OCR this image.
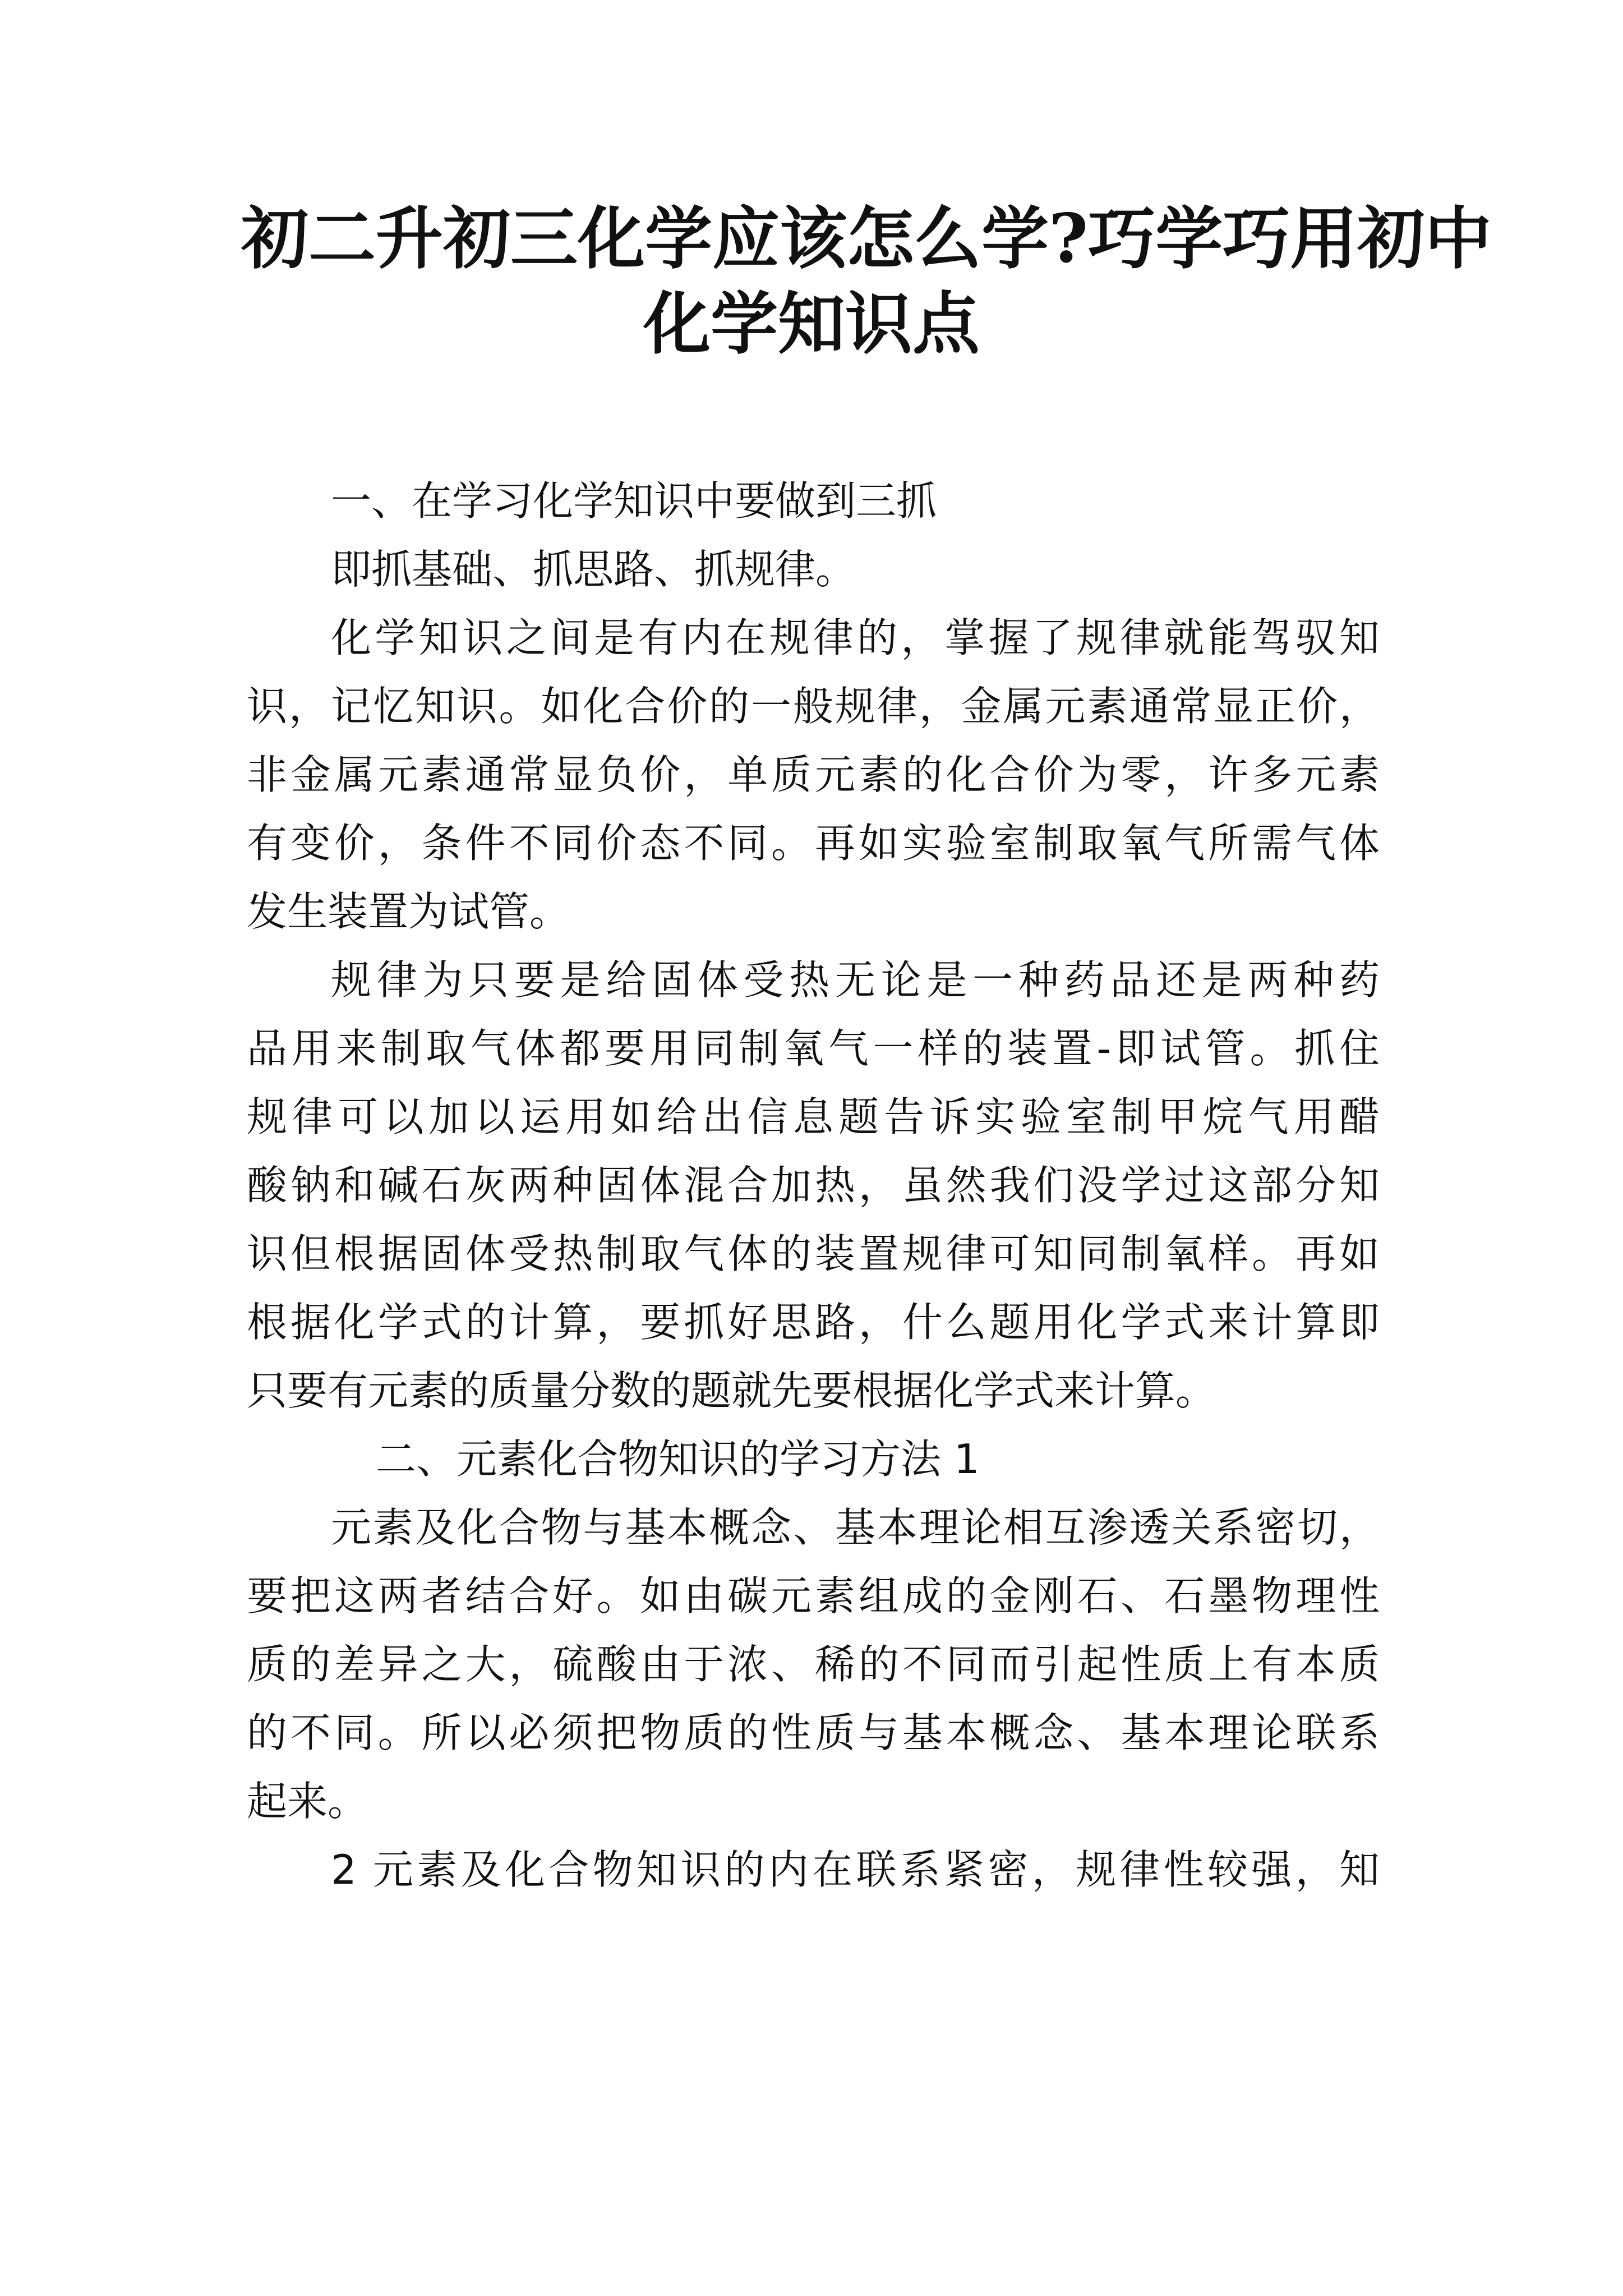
初二升初三化学应该怎么学?巧学巧用初中
化学知识点

一、在学习化学知识中要做到三抓

即抓基础、抓思路、抓规律。

化学知识之间是有内在规律的，掌握了规律就能驾驭知

识，记忆知识。如化合价的一般规律，金属元素通常显正价，

非金属元素通常显负价，单质元素的化合价为零，许多元素

有变价，条件不同价态不同。再如实验室制取氧气所需气体

发生装置为试管。

规律为只要是给固体受热无论是一种药品还是两种药

品用来制取气体都要用同制氧气一样的装置-即试管。抓住

规律可以加以运用如给出信息题告诉实验室制甲烷气用醋

酸钠和碱石灰两种固体混合加热，虽然我们没学过这部分知

识但根据固体受热制取气体的装置规律可知同制氧样。再如

根据化学式的计算，要抓好思路，什么题用化学式来计算即

只要有元素的质量分数的题就先要根据化学式来计算。

二、元素化合物知识的学习方法 1

元素及化合物与基本概念、基本理论相互渗透关系密切，

要把这两者结合好。如由碳元素组成的金刚石、石墨物理性

质的差异之大，硫酸由于浓、稀的不同而引起性质上有本质

的不同。所以必须把物质的性质与基本概念、基本理论联系

起来。

2 元素及化合物知识的内在联系紧密，规律性较强，知
